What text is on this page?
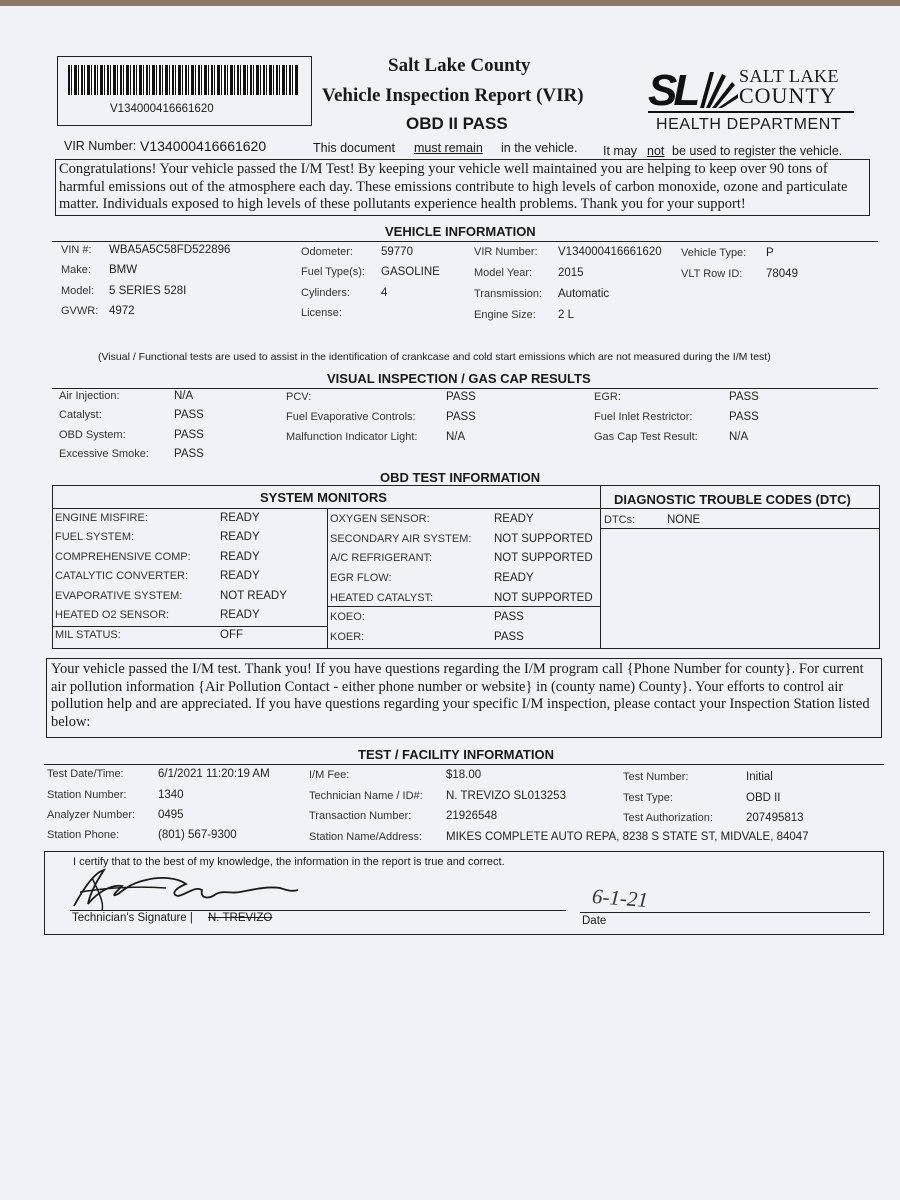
V134000416661620
Salt Lake County
Vehicle Inspection Report (VIR)
OBD II PASS
SL SALT LAKE
COUNTY
HEALTH DEPARTMENT
VIR Number: V134000416661620	This document must remain in the vehicle. It may not be used to register the vehicle.
Congratulations! Your vehicle passed the I/M Test! By keeping your vehicle well maintained you are helping to keep over 90 tons of harmful emissions out of the atmosphere each day. These emissions contribute to high levels of carbon monoxide, ozone and particulate matter. Individuals exposed to high levels of these pollutants experience health problems. Thank you for your support!
VEHICLE INFORMATION
VIN #: WBA5A5C58FD522896
Make: BMW
Model: 5 SERIES 528I
GVWR: 4972
Odometer: 59770
Fuel Type(s): GASOLINE
Cylinders:	4
License:
VIR Number: V134000416661620
Model Year: 2015
Transmission: Automatic
Engine Size: 2 L
Vehicle Type: P
VLT Row ID: 78049
(Visual / Functional tests are used to assist in the identification of crankcase and cold start emissions which are not measured during the I/M test)
VISUAL INSPECTION / GAS CAP RESULTS
Air Injection:	N/A
Catalyst:	PASS
OBD System:	PASS
Excessive Smoke: PASS
PCV:	PASS
Fuel Evaporative Controls:	PASS
Malfunction Indicator Light: N/A
EGR:	PASS
Fuel Inlet Restrictor:	PASS
Gas Cap Test Result:	N/A
OBD TEST INFORMATION
SYSTEM MONITORS	DIAGNOSTIC TROUBLE CODES (DTC)
DTCs:	NONE
ENGINE MISFIRE:	READY
FUEL SYSTEM:	READY
COMPREHENSIVE COMP:	READY
CATALYTIC CONVERTER:	READY
EVAPORATIVE SYSTEM:	NOT READY
HEATED O2 SENSOR:	READY
MIL STATUS:	OFF
OXYGEN SENSOR:	READY
SECONDARY AIR SYSTEM: NOT SUPPORTED
A/C REFRIGERANT:	NOT SUPPORTED
EGR FLOW:	READY
HEATED CATALYST:	NOT SUPPORTED
KOEO:	PASS
KOER:	PASS
Your vehicle passed the I/M test. Thank you! If you have questions regarding the I/M program call {Phone Number for county}. For current air pollution information {Air Pollution Contact - either phone number or website} in (county name) County}. Your efforts to control air pollution help and are appreciated. If you have questions regarding your specific I/M inspection, please contact your Inspection Station listed below:
TEST / FACILITY INFORMATION
Test Date/Time:	6/1/2021 11:20:19 AM
Station Number:	1340
Analyzer Number: 0495
Station Phone:	(801) 567-9300
I/M Fee:	$18.00
Technician Name / ID#: N. TREVIZO SL013253
Transaction Number:	21926548
Station Name/Address: MIKES COMPLETE AUTO REPA, 8238 S STATE ST, MIDVALE, 84047
Test Number:	Initial
Test Type:	OBD II
Test Authorization:	207495813
I certify that to the best of my knowledge, the information in the report is true and correct.
Technician's Signature | N. TREVIZO
6-1-21
Date
